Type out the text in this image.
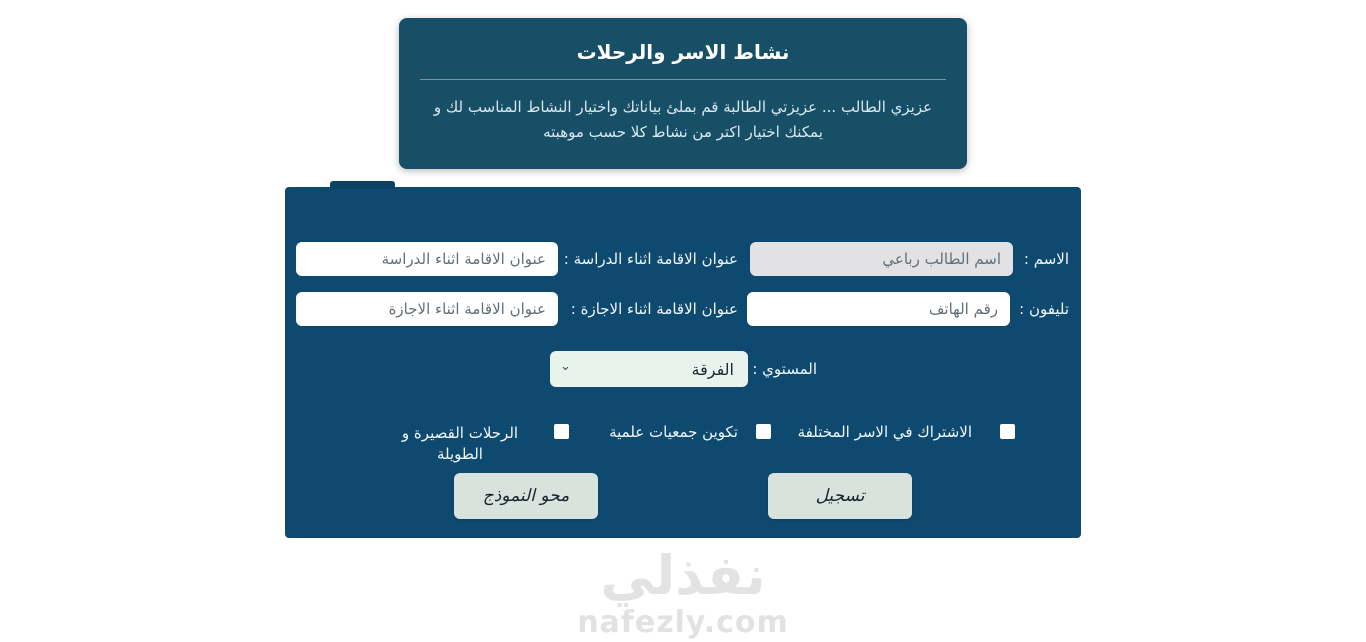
نشاط الاسر والرحلات
عزيزي الطالب ... عزيزتي الطالبة قم بملئ بياناتك واختيار النشاط المناسب لك و يمكنك اختيار اكتر من نشاط كلا حسب موهبته
الاسم :
اسم الطالب رباعي
عنوان الاقامة اثناء الدراسة :
عنوان الاقامة اثناء الدراسة
تليفون :
رقم الهاتف
عنوان الاقامة اثناء الاجازة :
عنوان الاقامة اثناء الاجازة
المستوي :
الفرقة
⌄
الاشتراك في الاسر المختلفة
تكوين جمعيات علمية
الرحلات القصيرة و الطويلة
تسجيل
محو النموذج
نفذلي
nafezly.com
